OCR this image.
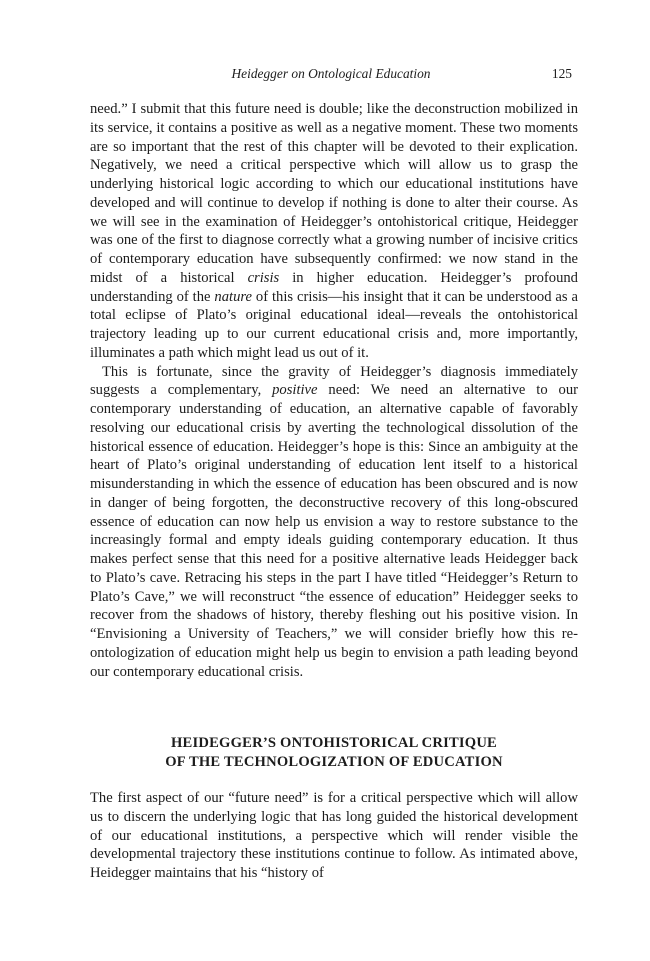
Heidegger on Ontological Education	125

need.” I submit that this future need is double; like the deconstruction mobilized in its service, it contains a positive as well as a negative moment. These two moments are so important that the rest of this chapter will be devoted to their explication. Negatively, we need a critical perspective which will allow us to grasp the underlying historical logic according to which our educational institutions have developed and will continue to develop if nothing is done to alter their course. As we will see in the examination of Heidegger’s ontohistorical critique, Heidegger was one of the first to diagnose correctly what a growing number of incisive critics of contemporary education have subsequently confirmed: we now stand in the midst of a historical crisis in higher education. Heidegger’s profound understanding of the nature of this crisis—his insight that it can be understood as a total eclipse of Plato’s original educational ideal—reveals the ontohistorical trajectory leading up to our current educational crisis and, more importantly, illuminates a path which might lead us out of it.

This is fortunate, since the gravity of Heidegger’s diagnosis immediately suggests a complementary, positive need: We need an alternative to our contemporary understanding of education, an alternative capable of favorably resolving our educational crisis by averting the technological dissolution of the historical essence of education. Heidegger’s hope is this: Since an ambiguity at the heart of Plato’s original understanding of education lent itself to a historical misunderstanding in which the essence of education has been obscured and is now in danger of being forgotten, the deconstructive recovery of this long-obscured essence of education can now help us envision a way to restore substance to the increasingly formal and empty ideals guiding contemporary education. It thus makes perfect sense that this need for a positive alternative leads Heidegger back to Plato’s cave. Retracing his steps in the part I have titled “Heidegger’s Return to Plato’s Cave,” we will reconstruct “the essence of education” Heidegger seeks to recover from the shadows of history, thereby fleshing out his positive vision. In “Envisioning a University of Teachers,” we will consider briefly how this re-ontologization of education might help us begin to envision a path leading beyond our contemporary educational crisis.

HEIDEGGER’S ONTOHISTORICAL CRITIQUE
OF THE TECHNOLOGIZATION OF EDUCATION

The first aspect of our “future need” is for a critical perspective which will allow us to discern the underlying logic that has long guided the historical development of our educational institutions, a perspective which will render visible the developmental trajectory these institutions continue to follow. As intimated above, Heidegger maintains that his “history of
